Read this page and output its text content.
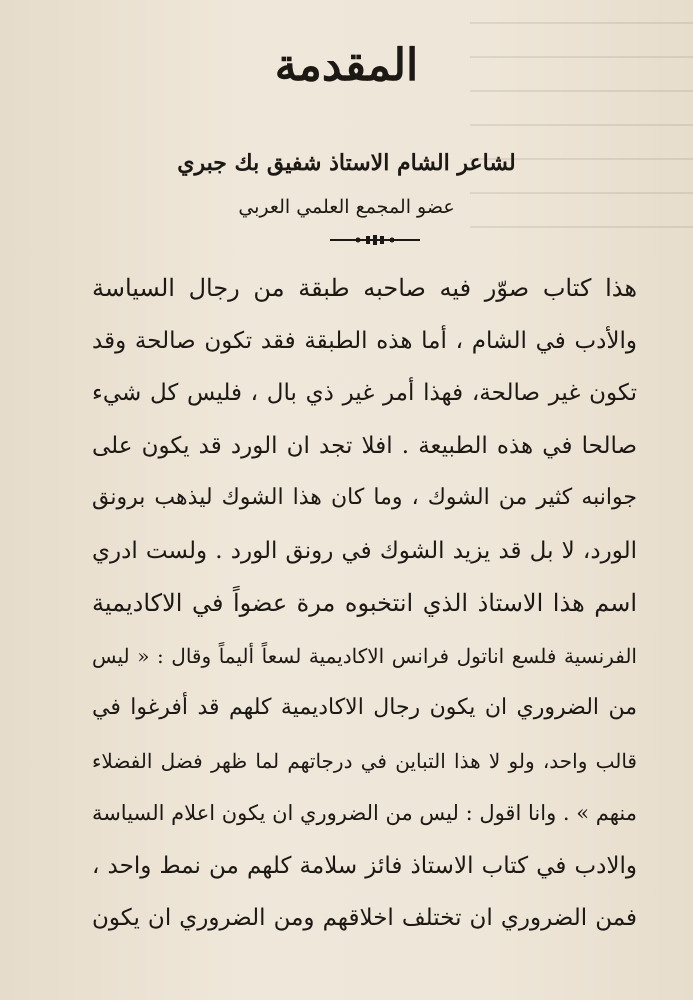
المقدمة
لشاعر الشام الاستاذ شفيق بك جبري
عضو المجمع العلمي العربي
هذا كتاب صوّر فيه صاحبه طبقة من رجال السياسة
والأدب في الشام ، أما هذه الطبقة فقد تكون صالحة وقد
تكون غير صالحة، فهذا أمر غير ذي بال ، فليس كل شيء
صالحا في هذه الطبيعة . افلا تجد ان الورد قد يكون على
جوانبه كثير من الشوك ، وما كان هذا الشوك ليذهب برونق
الورد، لا بل قد يزيد الشوك في رونق الورد . ولست ادري
اسم هذا الاستاذ الذي انتخبوه مرة عضواً في الاكاديمية
الفرنسية فلسع اناتول فرانس الاكاديمية لسعاً أليماً وقال : « ليس
من الضروري ان يكون رجال الاكاديمية كلهم قد أفرغوا في
قالب واحد، ولو لا هذا التباين في درجاتهم لما ظهر فضل الفضلاء
منهم » . وانا اقول : ليس من الضروري ان يكون اعلام السياسة
والادب في كتاب الاستاذ فائز سلامة كلهم من نمط واحد ،
فمن الضروري ان تختلف اخلاقهم ومن الضروري ان يكون
